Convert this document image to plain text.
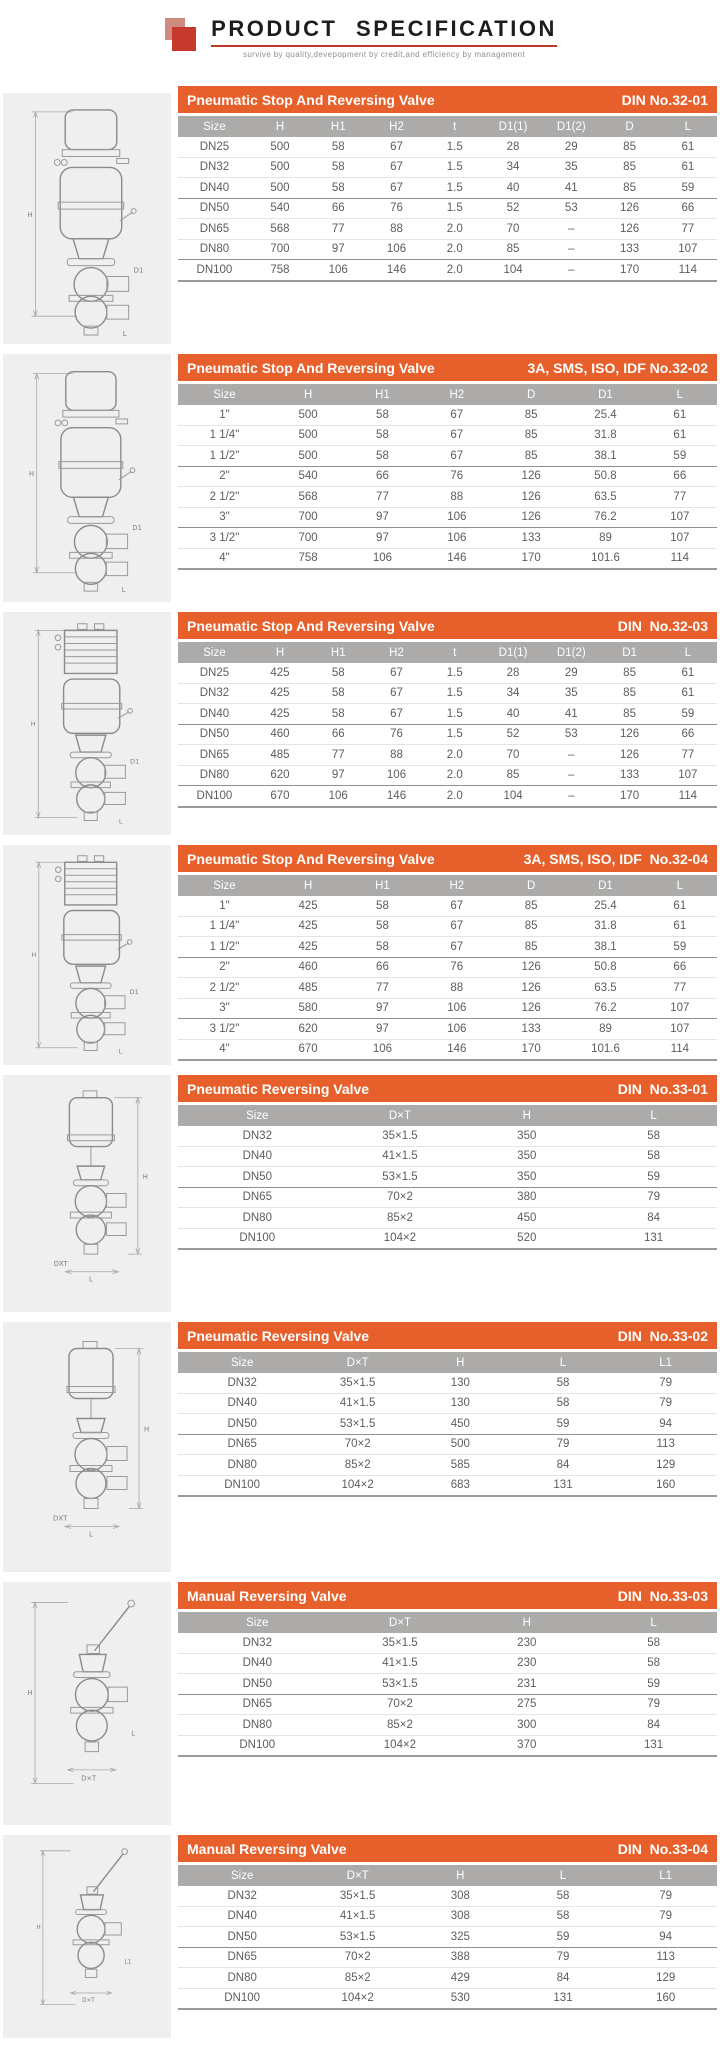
PRODUCT SPECIFICATION
survive by quality,devepopment by credit,and efficiency by management
H
D1
L
Pneumatic Stop And Reversing Valve	DIN No.32-01
Size	H	H1	H2	t	D1(1)	D1(2)	D	L
DN25	500	58	67	1.5	28	29	85	61
DN32	500	58	67	1.5	34	35	85	61
DN40	500	58	67	1.5	40	41	85	59
DN50	540	66	76	1.5	52	53	126	66
DN65	568	77	88	2.0	70	–	126	77
DN80	700	97	106	2.0	85	–	133	107
DN100	758	106	146	2.0	104	–	170	114
H
D1
L
Pneumatic Stop And Reversing Valve	3A, SMS, ISO, IDF No.32-02
Size	H	H1	H2	D	D1	L
1"	500	58	67	85	25.4	61
1 1/4"	500	58	67	85	31.8	61
1 1/2"	500	58	67	85	38.1	59
2"	540	66	76	126	50.8	66
2 1/2"	568	77	88	126	63.5	77
3"	700	97	106	126	76.2	107
3 1/2"	700	97	106	133	89	107
4"	758	106	146	170	101.6	114
H
D1
L
Pneumatic Stop And Reversing Valve	DIN  No.32-03
Size	H	H1	H2	t	D1(1)	D1(2)	D1	L
DN25	425	58	67	1.5	28	29	85	61
DN32	425	58	67	1.5	34	35	85	61
DN40	425	58	67	1.5	40	41	85	59
DN50	460	66	76	1.5	52	53	126	66
DN65	485	77	88	2.0	70	–	126	77
DN80	620	97	106	2.0	85	–	133	107
DN100	670	106	146	2.0	104	–	170	114
H
D1
L
Pneumatic Stop And Reversing Valve	3A, SMS, ISO, IDF  No.32-04
Size	H	H1	H2	D	D1	L
1"	425	58	67	85	25.4	61
1 1/4"	425	58	67	85	31.8	61
1 1/2"	425	58	67	85	38.1	59
2"	460	66	76	126	50.8	66
2 1/2"	485	77	88	126	63.5	77
3"	580	97	106	126	76.2	107
3 1/2"	620	97	106	133	89	107
4"	670	106	146	170	101.6	114
H
L
DXT
Pneumatic Reversing Valve	DIN  No.33-01
Size	D×T	H	L
DN32	35×1.5	350	58
DN40	41×1.5	350	58
DN50	53×1.5	350	59
DN65	70×2	380	79
DN80	85×2	450	84
DN100	104×2	520	131
H
L
DXT
Pneumatic Reversing Valve	DIN  No.33-02
Size	D×T	H	L	L1
DN32	35×1.5	130	58	79
DN40	41×1.5	130	58	79
DN50	53×1.5	450	59	94
DN65	70×2	500	79	113
DN80	85×2	585	84	129
DN100	104×2	683	131	160
H
D×T
L
Manual Reversing Valve	DIN  No.33-03
Size	D×T	H	L
DN32	35×1.5	230	58
DN40	41×1.5	230	58
DN50	53×1.5	231	59
DN65	70×2	275	79
DN80	85×2	300	84
DN100	104×2	370	131
H
D×T
L1
Manual Reversing Valve	DIN  No.33-04
Size	D×T	H	L	L1
DN32	35×1.5	308	58	79
DN40	41×1.5	308	58	79
DN50	53×1.5	325	59	94
DN65	70×2	388	79	113
DN80	85×2	429	84	129
DN100	104×2	530	131	160
